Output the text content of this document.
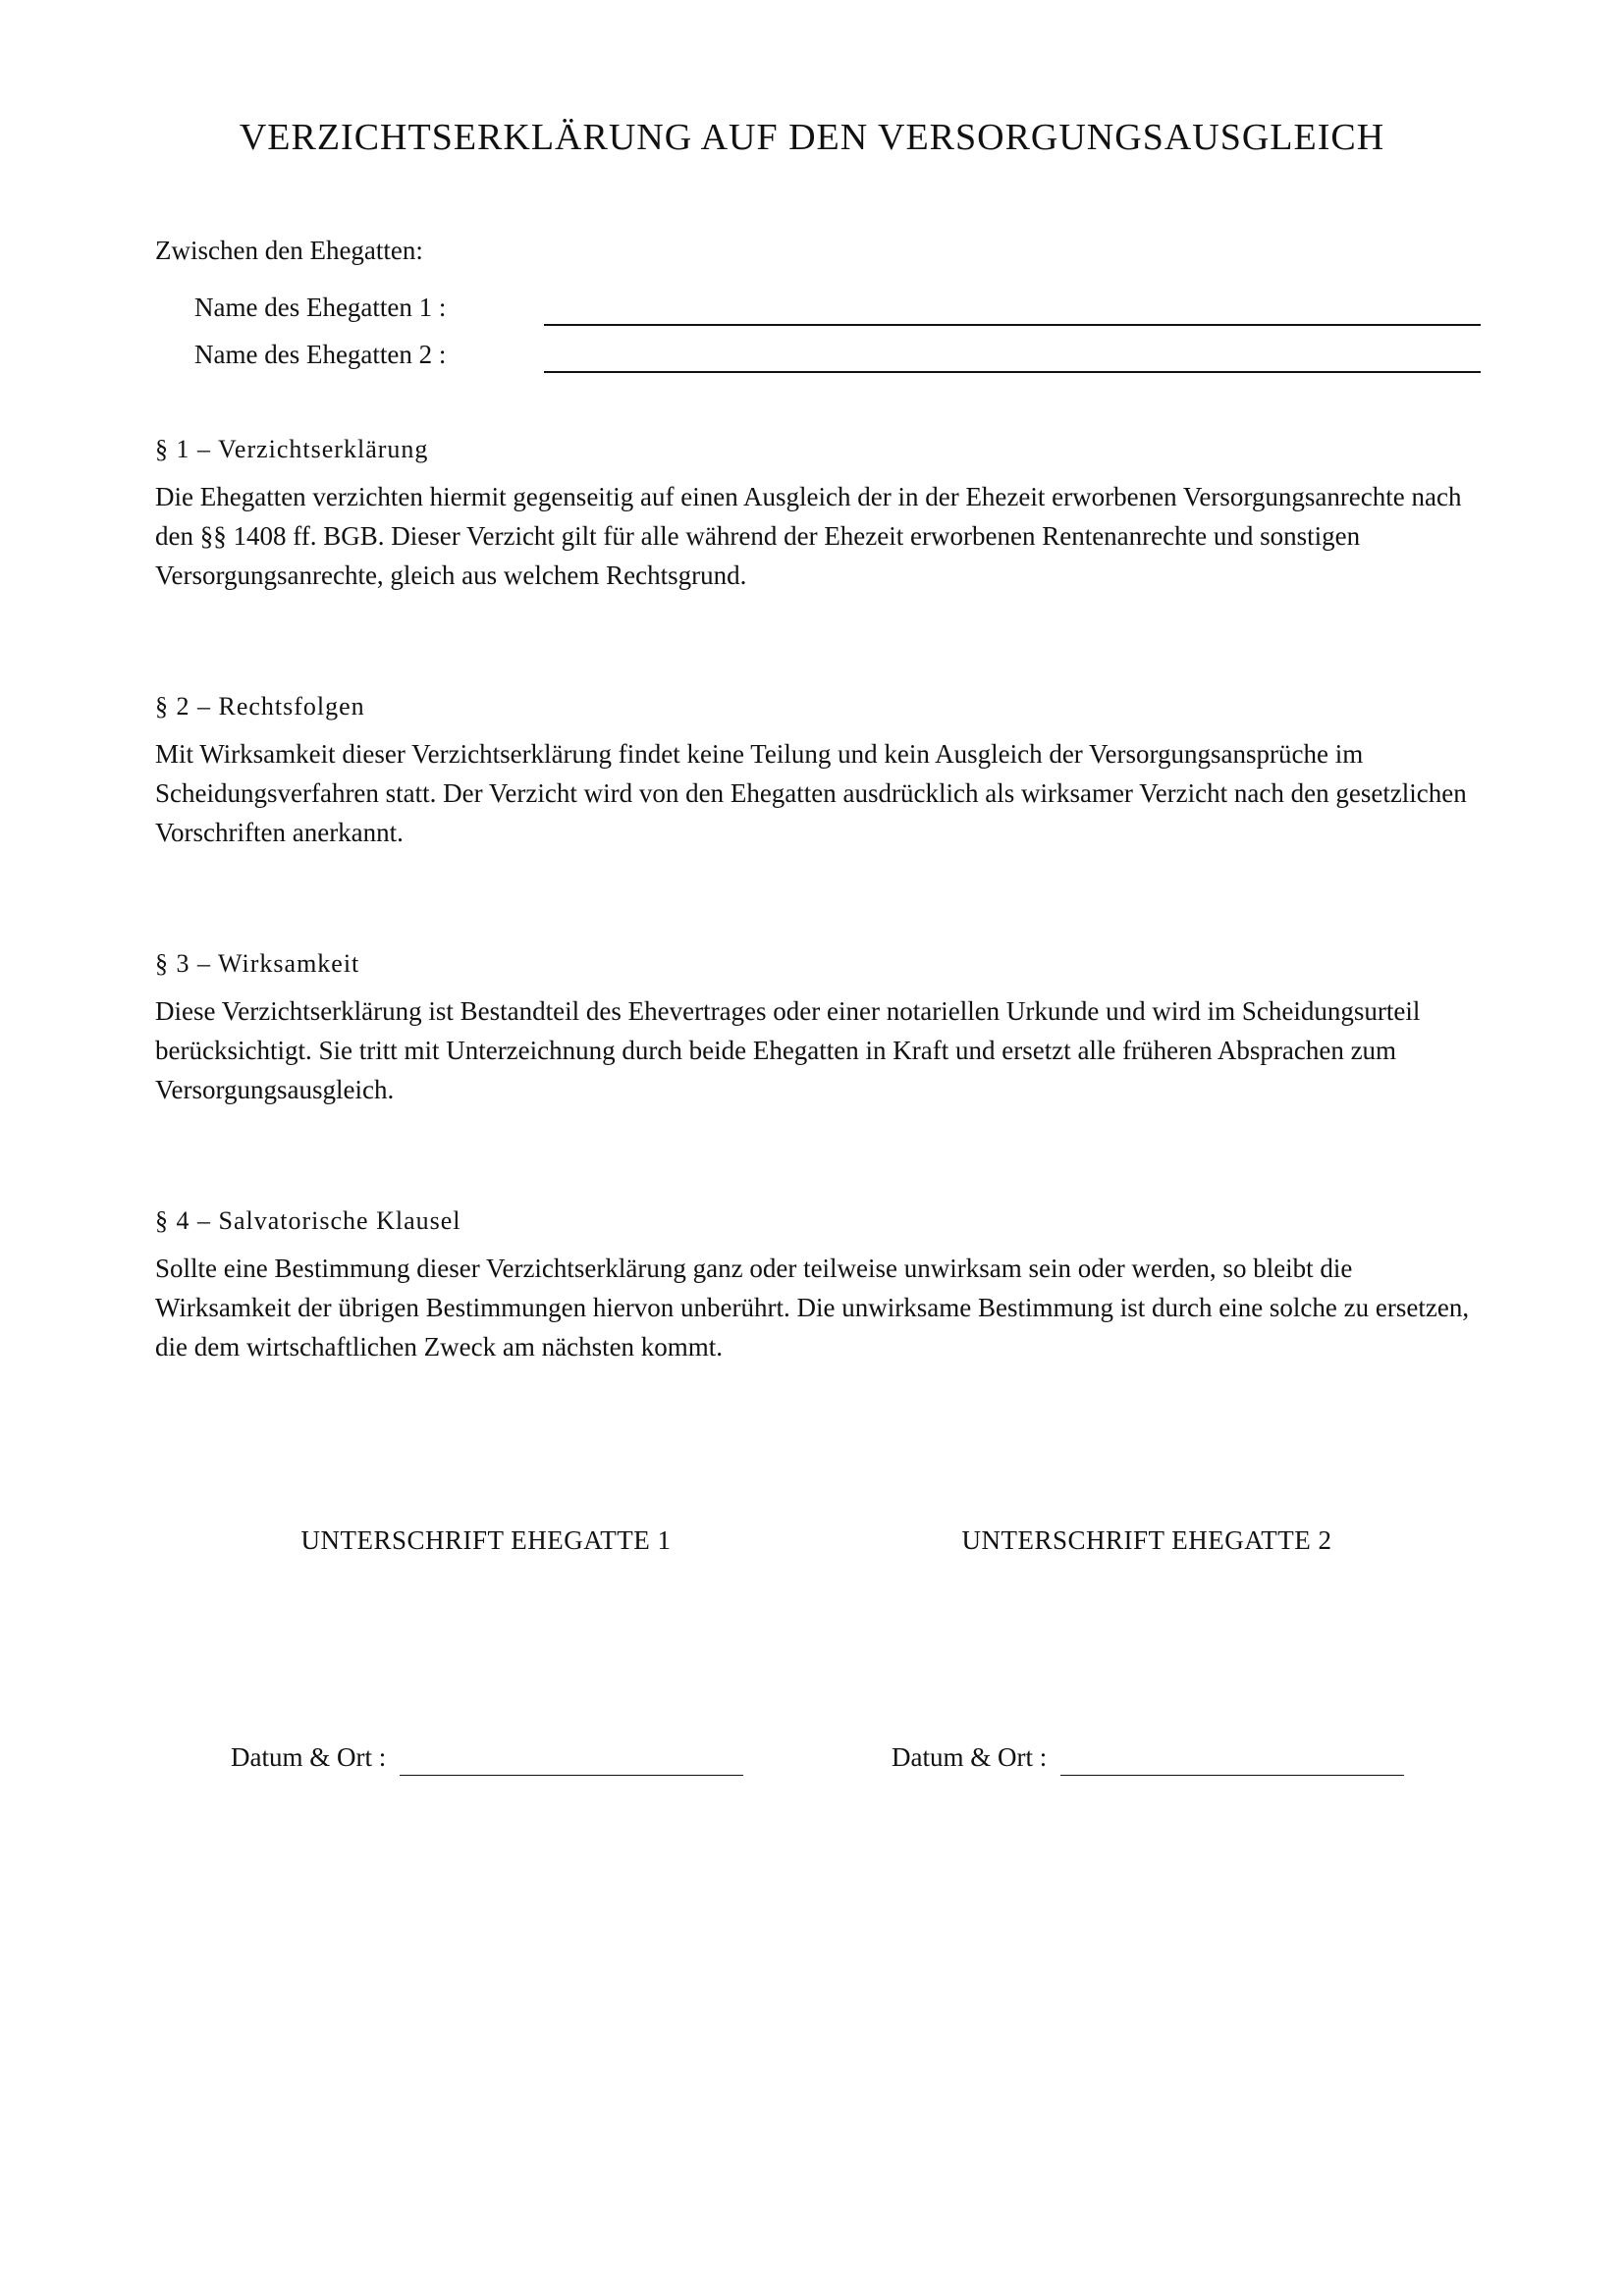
VERZICHTSERKLÄRUNG AUF DEN VERSORGUNGSAUSGLEICH
Zwischen den Ehegatten:
Name des Ehegatten 1 :
Name des Ehegatten 2 :
§ 1 – Verzichtserklärung

Die Ehegatten verzichten hiermit gegenseitig auf einen Ausgleich der in der Ehezeit erworbenen Versorgungsanrechte nach den §§ 1408 ff. BGB. Dieser Verzicht gilt für alle während der Ehezeit erworbenen Rentenanrechte und sonstigen Versorgungsanrechte, gleich aus welchem Rechtsgrund.

§ 2 – Rechtsfolgen

Mit Wirksamkeit dieser Verzichtserklärung findet keine Teilung und kein Ausgleich der Versorgungsansprüche im Scheidungsverfahren statt. Der Verzicht wird von den Ehegatten ausdrücklich als wirksamer Verzicht nach den gesetzlichen Vorschriften anerkannt.

§ 3 – Wirksamkeit

Diese Verzichtserklärung ist Bestandteil des Ehevertrages oder einer notariellen Urkunde und wird im Scheidungsurteil berücksichtigt. Sie tritt mit Unterzeichnung durch beide Ehegatten in Kraft und ersetzt alle früheren Absprachen zum Versorgungsausgleich.

§ 4 – Salvatorische Klausel

Sollte eine Bestimmung dieser Verzichtserklärung ganz oder teilweise unwirksam sein oder werden, so bleibt die Wirksamkeit der übrigen Bestimmungen hiervon unberührt. Die unwirksame Bestimmung ist durch eine solche zu ersetzen, die dem wirtschaftlichen Zweck am nächsten kommt.

UNTERSCHRIFT EHEGATTE 1	UNTERSCHRIFT EHEGATTE 2
Datum & Ort :	Datum & Ort :
